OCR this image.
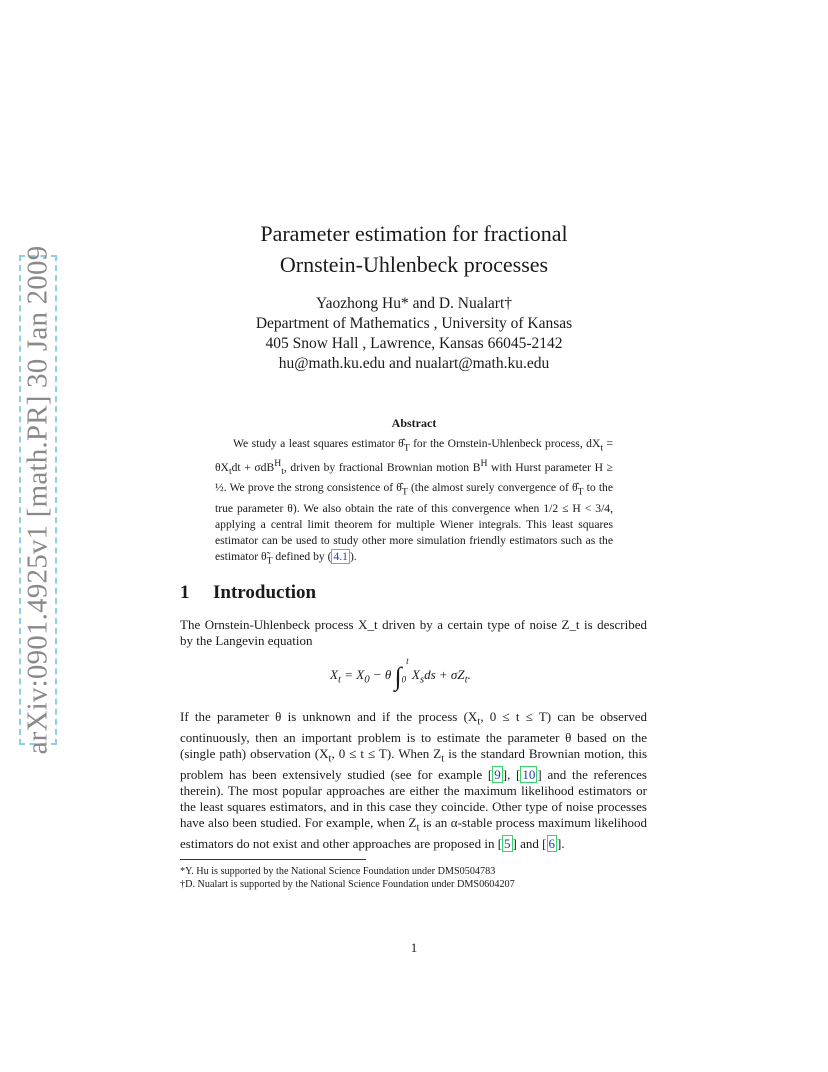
arXiv:0901.4925v1 [math.PR] 30 Jan 2009
Parameter estimation for fractional
Ornstein-Uhlenbeck processes
Yaozhong Hu* and D. Nualart†
Department of Mathematics , University of Kansas
405 Snow Hall , Lawrence, Kansas 66045-2142
hu@math.ku.edu and nualart@math.ku.edu
Abstract

We study a least squares estimator $\thetâ_T$ for the Ornstein-Uhlenbeck process, $dX_t = \theta X_tdt + \sigma dB^H_t$, driven by fractional Brownian motion $B^H$ with Hurst parameter H ≥ ½. We prove the strong consistence of $\thetâ_T$ (the almost surely convergence of $\thetâ_T$ to the true parameter θ). We also obtain the rate of this convergence when 1/2 ≤ H < 3/4, applying a central limit theorem for multiple Wiener integrals. This least squares estimator can be used to study other more simulation friendly estimators such as the estimator $\thetã_T$ defined by ( 4.1 ).

1 Introduction

The Ornstein-Uhlenbeck process X_t driven by a certain type of noise Z_t is described by the Langevin equation

$X_t = X_0 - \theta$ $\int_0^t$ $X_sds + \sigma Z_t$.

If the parameter θ is unknown and if the process ($X_t$, 0 ≤ t ≤ T) can be observed continuously, then an important problem is to estimate the parameter θ based on the (single path) observation ($X_t$, 0 ≤ t ≤ T). When $Z_t$ is the standard Brownian motion, this problem has been extensively studied (see for example [ 9 ], [ 10 ] and the references therein). The most popular approaches are either the maximum likelihood estimators or the least squares estimators, and in this case they coincide. Other type of noise processes have also been studied. For example, when $Z_t$ is an α-stable process maximum likelihood estimators do not exist and other approaches are proposed in [ 5 ] and [ 6 ].

*Y. Hu is supported by the National Science Foundation under DMS0504783
†D. Nualart is supported by the National Science Foundation under DMS0604207
1
